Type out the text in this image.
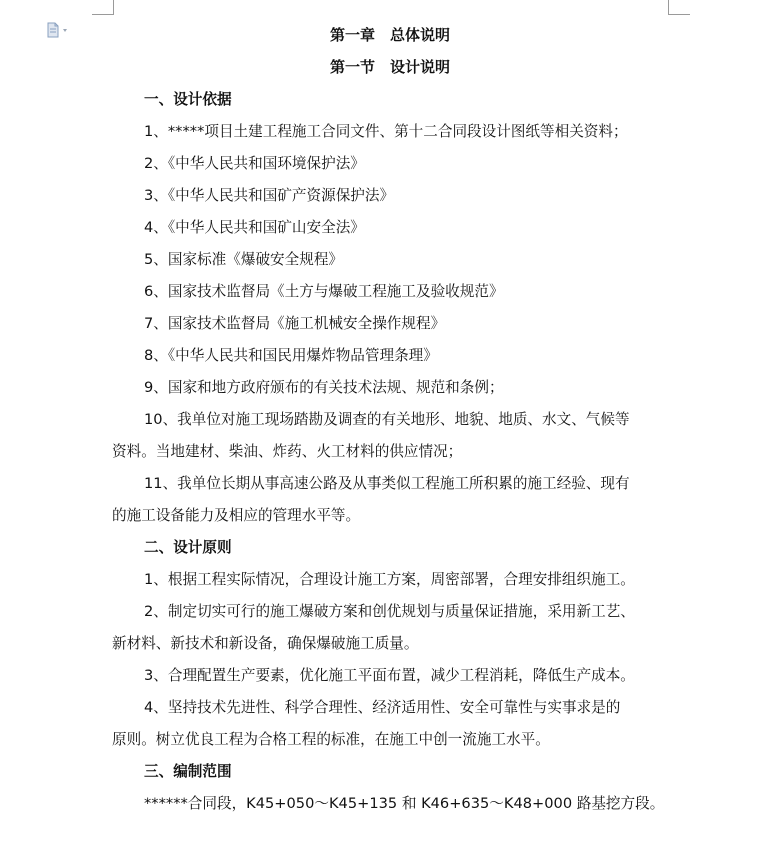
第一章　总体说明
第一节　设计说明
一、设计依据
1、*****项目土建工程施工合同文件、第十二合同段设计图纸等相关资料；
2、《中华人民共和国环境保护法》
3、《中华人民共和国矿产资源保护法》
4、《中华人民共和国矿山安全法》
5、国家标准《爆破安全规程》
6、国家技术监督局《土方与爆破工程施工及验收规范》
7、国家技术监督局《施工机械安全操作规程》
8、《中华人民共和国民用爆炸物品管理条理》
9、国家和地方政府颁布的有关技术法规、规范和条例；
10、我单位对施工现场踏勘及调查的有关地形、地貌、地质、水文、气候等
资料。当地建材、柴油、炸药、火工材料的供应情况；
11、我单位长期从事高速公路及从事类似工程施工所积累的施工经验、现有
的施工设备能力及相应的管理水平等。
二、设计原则
1、根据工程实际情况，合理设计施工方案，周密部署，合理安排组织施工。
2、制定切实可行的施工爆破方案和创优规划与质量保证措施，采用新工艺、
新材料、新技术和新设备，确保爆破施工质量。
3、合理配置生产要素，优化施工平面布置，减少工程消耗，降低生产成本。
4、坚持技术先进性、科学合理性、经济适用性、安全可靠性与实事求是的
原则。树立优良工程为合格工程的标准，在施工中创一流施工水平。
三、编制范围
******合同段，K45+050～K45+135 和 K46+635～K48+000 路基挖方段。
